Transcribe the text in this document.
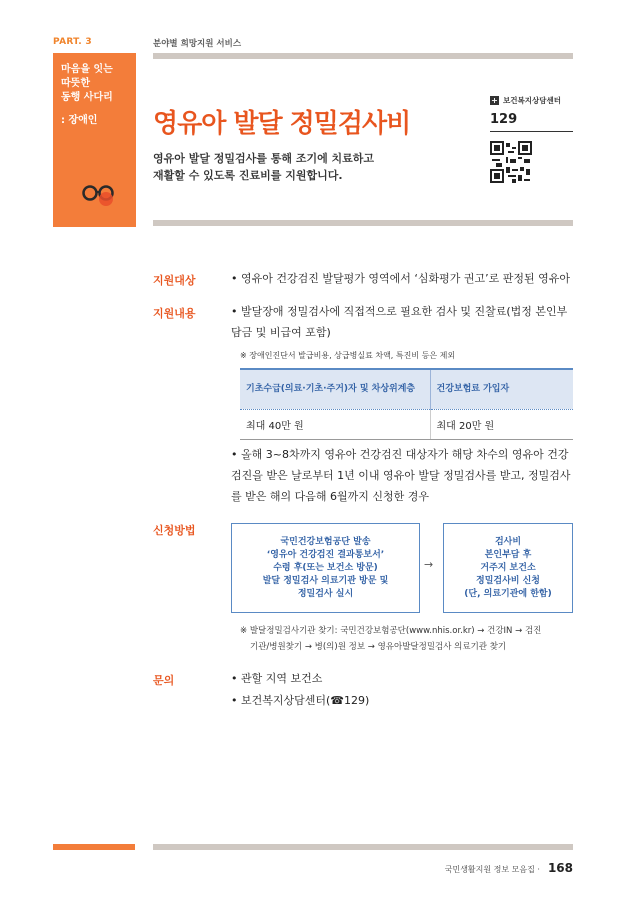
PART. 3	분야별 희망지원 서비스
마음을 잇는
따뜻한
동행 사다리
: 장애인	영유아 발달 정밀검사비
영유아 발달 정밀검사를 통해 조기에 치료하고
재활할 수 있도록 진료비를 지원합니다.
+ 보건복지상담센터
129
지원대상	• 영유아 건강검진 발달평가 영역에서 ‘심화평가 권고’로 판정된 영유아
지원내용	• 발달장애 정밀검사에 직접적으로 필요한 검사 및 진찰료(법정 본인부담금 및 비급여 포함)
※ 장애인진단서 발급비용, 상급병실료 차액, 특진비 등은 제외
기초수급(의료·기초·주거)자 및 차상위계층	건강보험료 가입자
최대 40만 원	최대 20만 원
• 올해 3~8차까지 영유아 건강검진 대상자가 해당 차수의 영유아 건강검진을 받은 날로부터 1년 이내 영유아 발달 정밀검사를 받고, 정밀검사를 받은 해의 다음해 6월까지 신청한 경우
신청방법
국민건강보험공단 발송
‘영유아 건강검진 결과통보서’
수령 후(또는 보건소 방문)
발달 정밀검사 의료기관 방문 및
정밀검사 실시
→
검사비
본인부담 후
거주지 보건소
정밀검사비 신청
(단, 의료기관에 한함)
※ 발달정밀검사기관 찾기: 국민건강보험공단(www.nhis.or.kr) → 건강IN → 검진
기관/병원찾기 → 병(의)원 정보 → 영유아발달정밀검사 의료기관 찾기
문의	• 관할 지역 보건소
• 보건복지상담센터(☎129)
국민생활지원 정보 모음집 · 168
